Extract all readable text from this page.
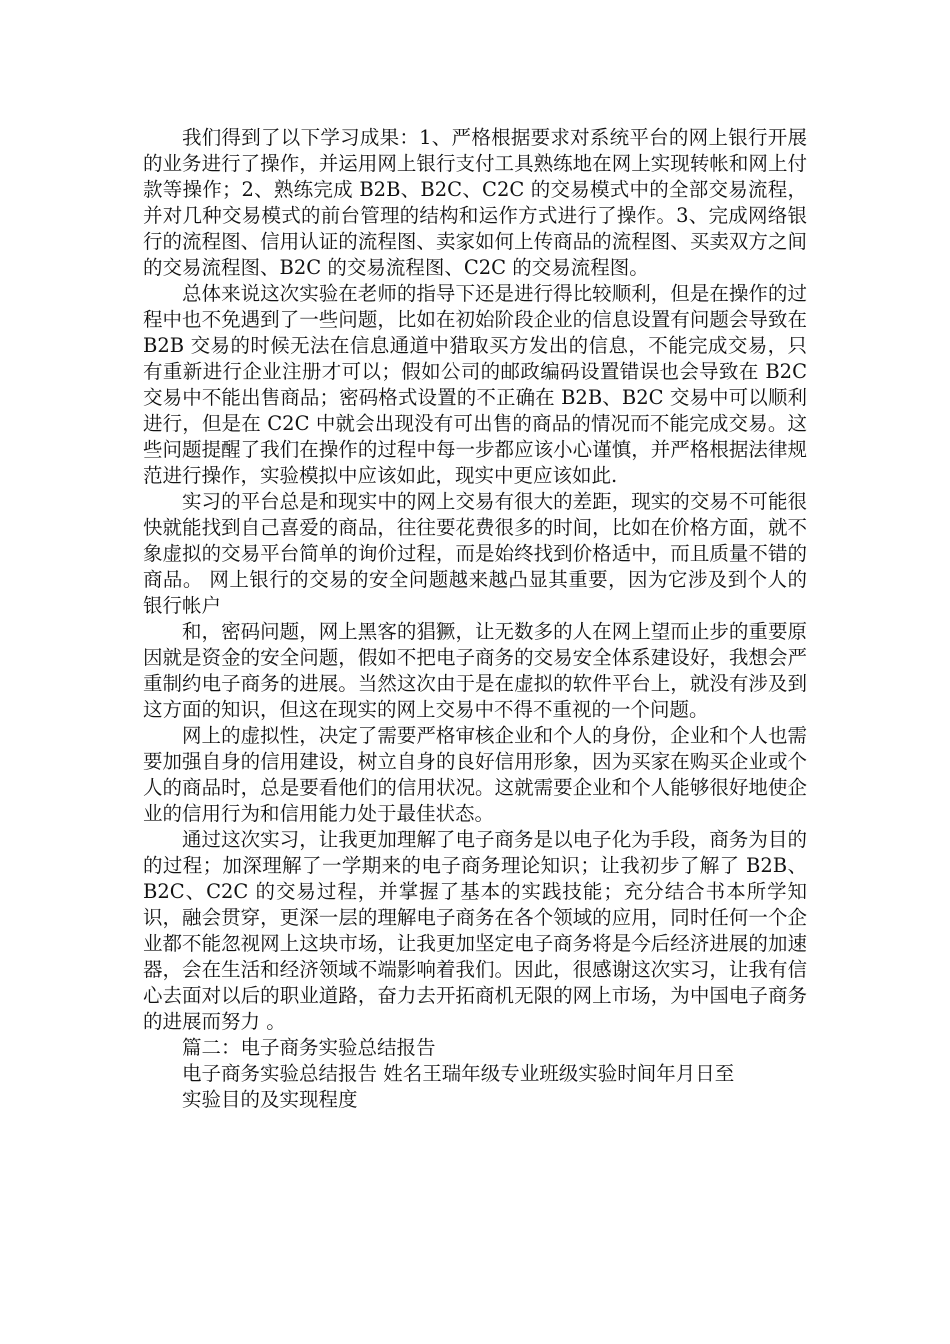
我们得到了以下学习成果：1、严格根据要求对系统平台的网上银行开展的业务进行了操作，并运用网上银行支付工具熟练地在网上实现转帐和网上付款等操作；2、熟练完成 B2B、B2C、C2C 的交易模式中的全部交易流程，并对几种交易模式的前台管理的结构和运作方式进行了操作。3、完成网络银行的流程图、信用认证的流程图、卖家如何上传商品的流程图、买卖双方之间的交易流程图、B2C 的交易流程图、C2C 的交易流程图。

总体来说这次实验在老师的指导下还是进行得比较顺利，但是在操作的过程中也不免遇到了一些问题，比如在初始阶段企业的信息设置有问题会导致在 B2B 交易的时候无法在信息通道中猎取买方发出的信息，不能完成交易，只有重新进行企业注册才可以；假如公司的邮政编码设置错误也会导致在 B2C 交易中不能出售商品；密码格式设置的不正确在 B2B、B2C 交易中可以顺利进行，但是在 C2C 中就会出现没有可出售的商品的情况而不能完成交易。这些问题提醒了我们在操作的过程中每一步都应该小心谨慎，并严格根据法律规范进行操作，实验模拟中应该如此，现实中更应该如此.

实习的平台总是和现实中的网上交易有很大的差距，现实的交易不可能很快就能找到自己喜爱的商品，往往要花费很多的时间，比如在价格方面，就不象虚拟的交易平台简单的询价过程，而是始终找到价格适中，而且质量不错的商品。 网上银行的交易的安全问题越来越凸显其重要，因为它涉及到个人的银行帐户

和，密码问题，网上黑客的猖獗，让无数多的人在网上望而止步的重要原因就是资金的安全问题，假如不把电子商务的交易安全体系建设好，我想会严重制约电子商务的进展。当然这次由于是在虚拟的软件平台上，就没有涉及到这方面的知识，但这在现实的网上交易中不得不重视的一个问题。

网上的虚拟性，决定了需要严格审核企业和个人的身份，企业和个人也需要加强自身的信用建设，树立自身的良好信用形象，因为买家在购买企业或个人的商品时，总是要看他们的信用状况。这就需要企业和个人能够很好地使企业的信用行为和信用能力处于最佳状态。

通过这次实习，让我更加理解了电子商务是以电子化为手段，商务为目的的过程；加深理解了一学期来的电子商务理论知识；让我初步了解了 B2B、B2C、C2C 的交易过程，并掌握了基本的实践技能；充分结合书本所学知识，融会贯穿，更深一层的理解电子商务在各个领域的应用，同时任何一个企业都不能忽视网上这块市场，让我更加坚定电子商务将是今后经济进展的加速器，会在生活和经济领域不端影响着我们。因此，很感谢这次实习，让我有信心去面对以后的职业道路，奋力去开拓商机无限的网上市场，为中国电子商务的进展而努力 。

篇二：电子商务实验总结报告

电子商务实验总结报告 姓名王瑞年级专业班级实验时间年月日至

实验目的及实现程度
